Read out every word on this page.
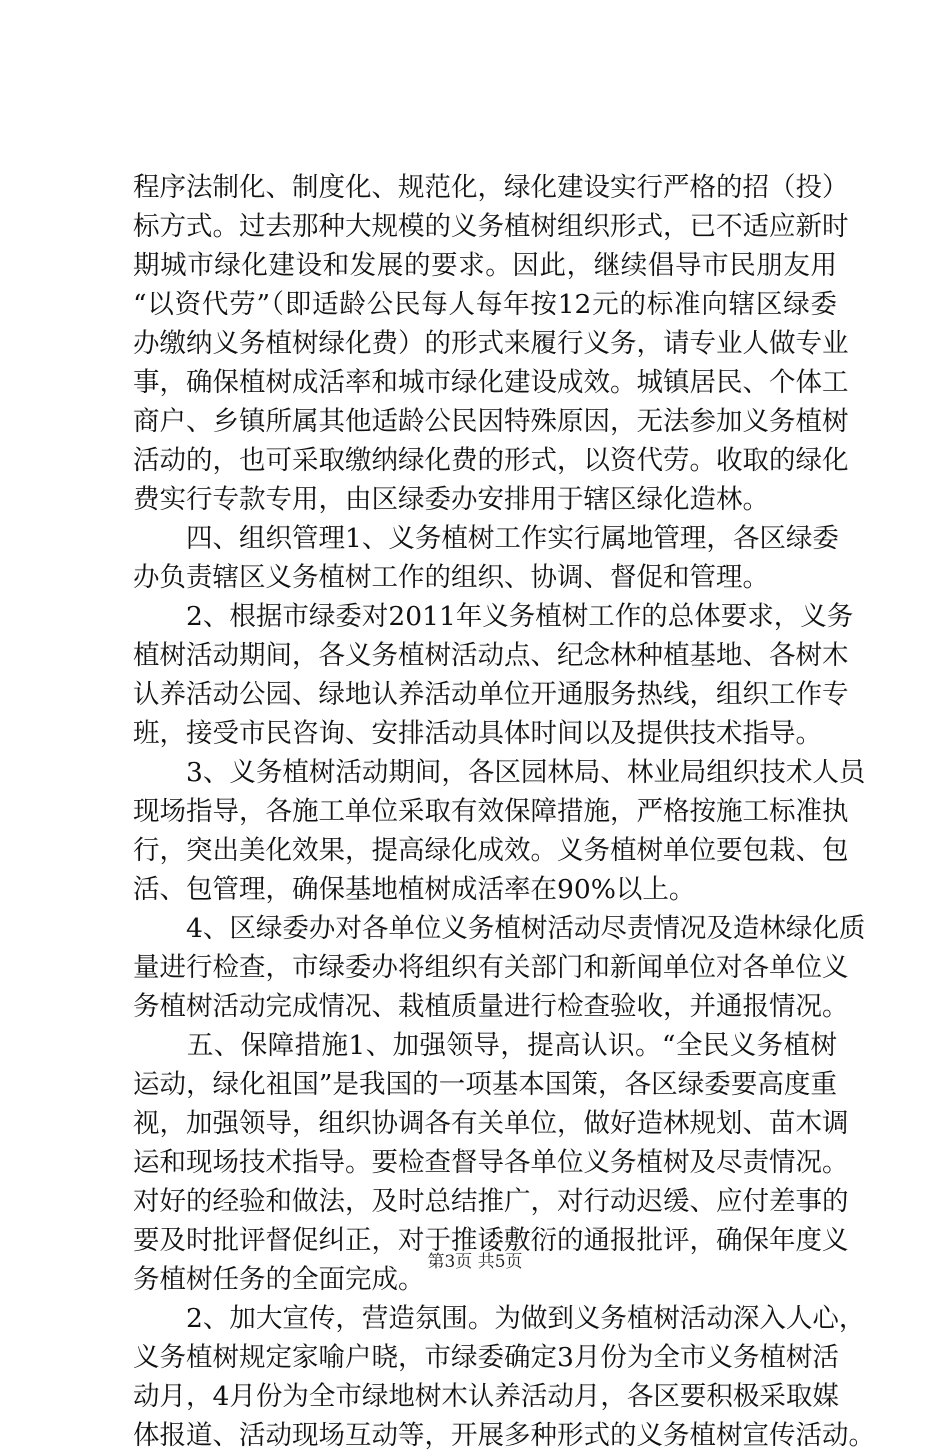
程序法制化、制度化、规范化，绿化建设实行严格的招（投）
标方式。过去那种大规模的义务植树组织形式，已不适应新时
期城市绿化建设和发展的要求。因此，继续倡导市民朋友用
“以资代劳”（即适龄公民每人每年按12元的标准向辖区绿委
办缴纳义务植树绿化费）的形式来履行义务，请专业人做专业
事，确保植树成活率和城市绿化建设成效。城镇居民、个体工
商户、乡镇所属其他适龄公民因特殊原因，无法参加义务植树
活动的，也可采取缴纳绿化费的形式，以资代劳。收取的绿化
费实行专款专用，由区绿委办安排用于辖区绿化造林。
　　四、组织管理1、义务植树工作实行属地管理，各区绿委
办负责辖区义务植树工作的组织、协调、督促和管理。
　　2、根据市绿委对2011年义务植树工作的总体要求，义务
植树活动期间，各义务植树活动点、纪念林种植基地、各树木
认养活动公园、绿地认养活动单位开通服务热线，组织工作专
班，接受市民咨询、安排活动具体时间以及提供技术指导。
　　3、义务植树活动期间，各区园林局、林业局组织技术人员
现场指导，各施工单位采取有效保障措施，严格按施工标准执
行，突出美化效果，提高绿化成效。义务植树单位要包栽、包
活、包管理，确保基地植树成活率在90%以上。
　　4、区绿委办对各单位义务植树活动尽责情况及造林绿化质
量进行检查，市绿委办将组织有关部门和新闻单位对各单位义
务植树活动完成情况、栽植质量进行检查验收，并通报情况。
　　五、保障措施1、加强领导，提高认识。“全民义务植树
运动，绿化祖国”是我国的一项基本国策，各区绿委要高度重
视，加强领导，组织协调各有关单位，做好造林规划、苗木调
运和现场技术指导。要检查督导各单位义务植树及尽责情况。
对好的经验和做法，及时总结推广，对行动迟缓、应付差事的
要及时批评督促纠正，对于推诿敷衍的通报批评，确保年度义
务植树任务的全面完成。
　　2、加大宣传，营造氛围。为做到义务植树活动深入人心，
义务植树规定家喻户晓，市绿委确定3月份为全市义务植树活
动月，4月份为全市绿地树木认养活动月，各区要积极采取媒
体报道、活动现场互动等，开展多种形式的义务植树宣传活动。
第3页 共5页
